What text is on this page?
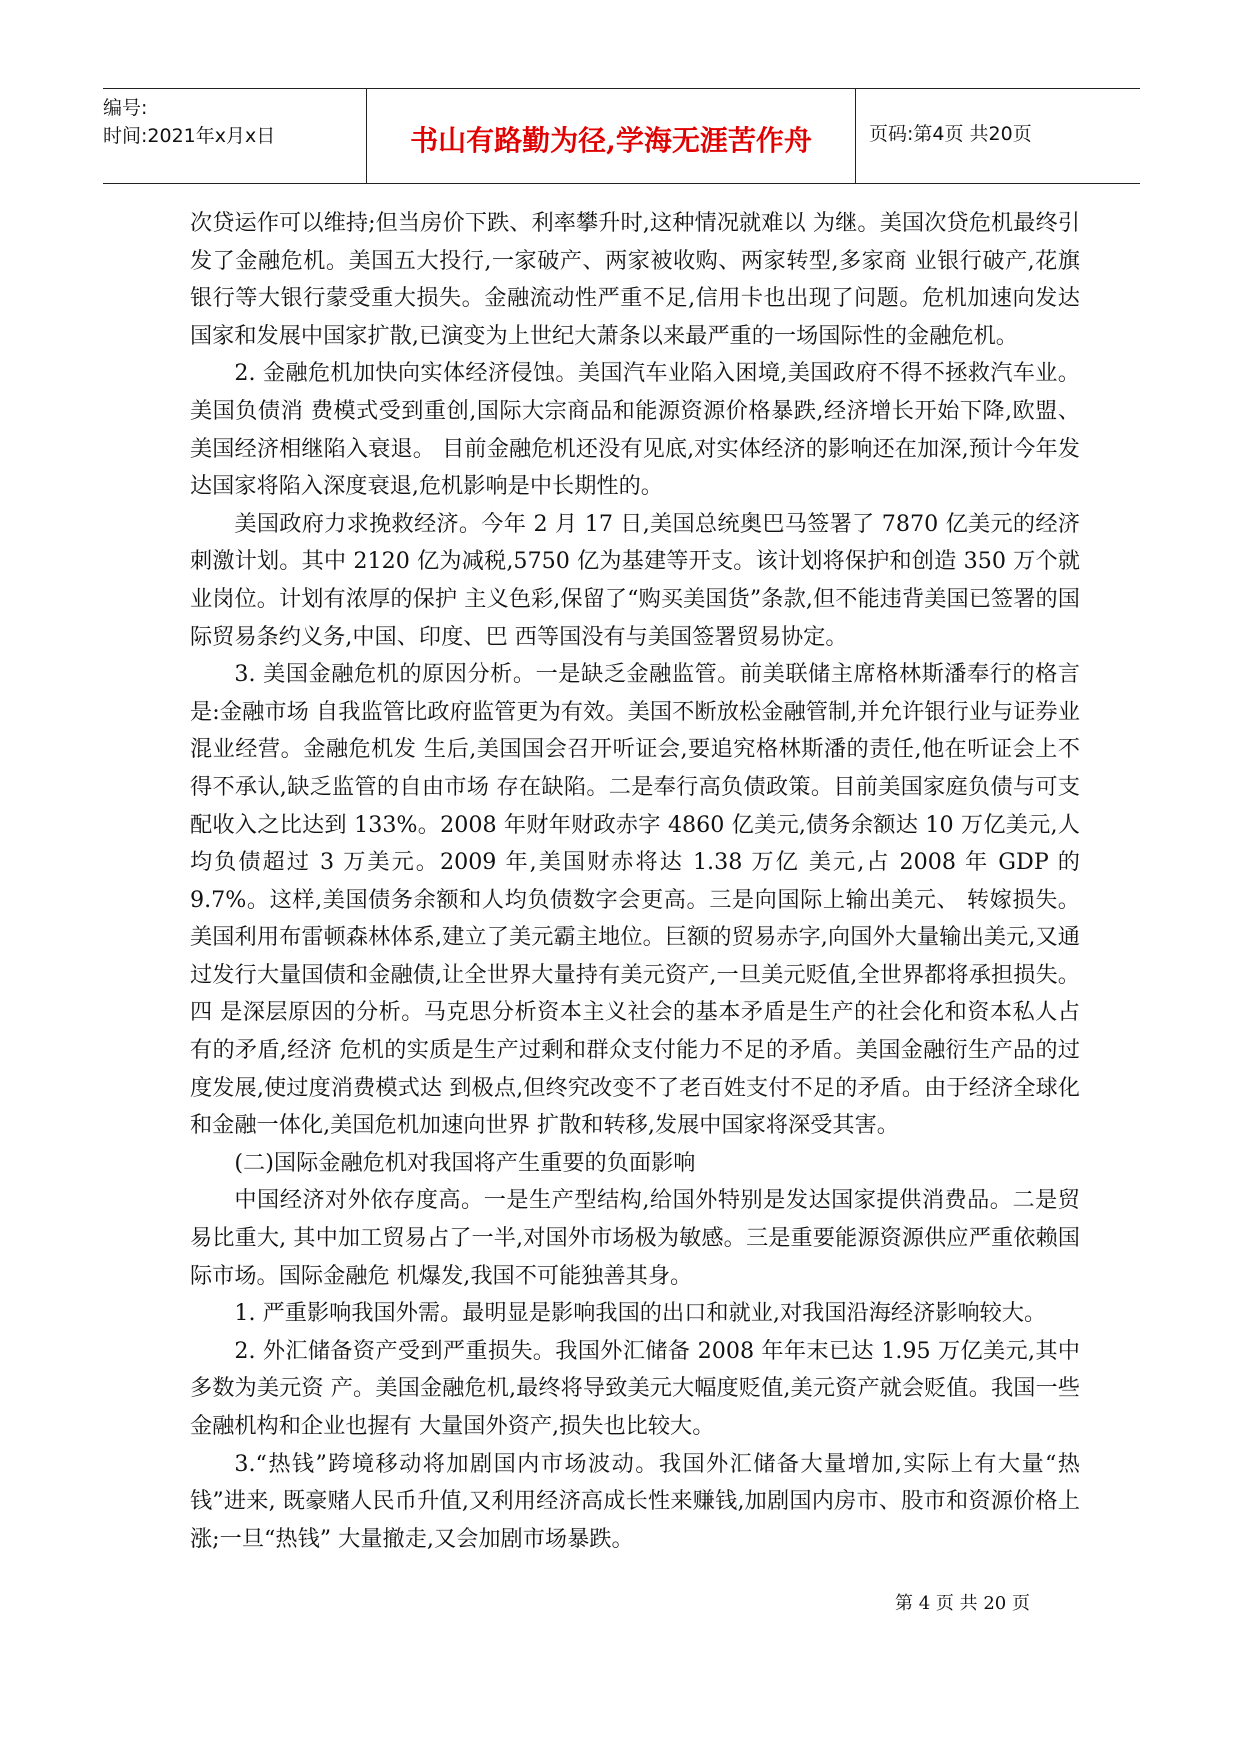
编号:
时间:2021年x月x日	书山有路勤为径,学海无涯苦作舟	页码:第4页 共20页

次贷运作可以维持;但当房价下跌、利率攀升时,这种情况就难以 为继。美国次贷危机最终引发了金融危机。美国五大投行,一家破产、两家被收购、两家转型,多家商 业银行破产,花旗银行等大银行蒙受重大损失。金融流动性严重不足,信用卡也出现了问题。危机加速向发达国家和发展中国家扩散,已演变为上世纪大萧条以来最严重的一场国际性的金融危机。

2. 金融危机加快向实体经济侵蚀。美国汽车业陷入困境,美国政府不得不拯救汽车业。美国负债消 费模式受到重创,国际大宗商品和能源资源价格暴跌,经济增长开始下降,欧盟、美国经济相继陷入衰退。 目前金融危机还没有见底,对实体经济的影响还在加深,预计今年发达国家将陷入深度衰退,危机影响是中长期性的。

美国政府力求挽救经济。今年 2 月 17 日,美国总统奥巴马签署了 7870 亿美元的经济刺激计划。其中 2120 亿为减税,5750 亿为基建等开支。该计划将保护和创造 350 万个就业岗位。计划有浓厚的保护 主义色彩,保留了“购买美国货”条款,但不能违背美国已签署的国际贸易条约义务,中国、印度、巴 西等国没有与美国签署贸易协定。

3. 美国金融危机的原因分析。一是缺乏金融监管。前美联储主席格林斯潘奉行的格言是:金融市场 自我监管比政府监管更为有效。美国不断放松金融管制,并允许银行业与证券业混业经营。金融危机发 生后,美国国会召开听证会,要追究格林斯潘的责任,他在听证会上不得不承认,缺乏监管的自由市场 存在缺陷。二是奉行高负债政策。目前美国家庭负债与可支配收入之比达到 133%。2008 年财年财政赤字 4860 亿美元,债务余额达 10 万亿美元,人均负债超过 3 万美元。2009 年,美国财赤将达 1.38 万亿 美元,占 2008 年 GDP 的 9.7%。这样,美国债务余额和人均负债数字会更高。三是向国际上输出美元、 转嫁损失。美国利用布雷顿森林体系,建立了美元霸主地位。巨额的贸易赤字,向国外大量输出美元,又通过发行大量国债和金融债,让全世界大量持有美元资产,一旦美元贬值,全世界都将承担损失。四 是深层原因的分析。马克思分析资本主义社会的基本矛盾是生产的社会化和资本私人占有的矛盾,经济 危机的实质是生产过剩和群众支付能力不足的矛盾。美国金融衍生产品的过度发展,使过度消费模式达 到极点,但终究改变不了老百姓支付不足的矛盾。由于经济全球化和金融一体化,美国危机加速向世界 扩散和转移,发展中国家将深受其害。

(二)国际金融危机对我国将产生重要的负面影响

中国经济对外依存度高。一是生产型结构,给国外特别是发达国家提供消费品。二是贸易比重大, 其中加工贸易占了一半,对国外市场极为敏感。三是重要能源资源供应严重依赖国际市场。国际金融危 机爆发,我国不可能独善其身。

1. 严重影响我国外需。最明显是影响我国的出口和就业,对我国沿海经济影响较大。

2. 外汇储备资产受到严重损失。我国外汇储备 2008 年年末已达 1.95 万亿美元,其中多数为美元资 产。美国金融危机,最终将导致美元大幅度贬值,美元资产就会贬值。我国一些金融机构和企业也握有 大量国外资产,损失也比较大。

3.“热钱”跨境移动将加剧国内市场波动。我国外汇储备大量增加,实际上有大量“热钱”进来, 既豪赌人民币升值,又利用经济高成长性来赚钱,加剧国内房市、股市和资源价格上涨;一旦“热钱” 大量撤走,又会加剧市场暴跌。

第 4 页 共 20 页
